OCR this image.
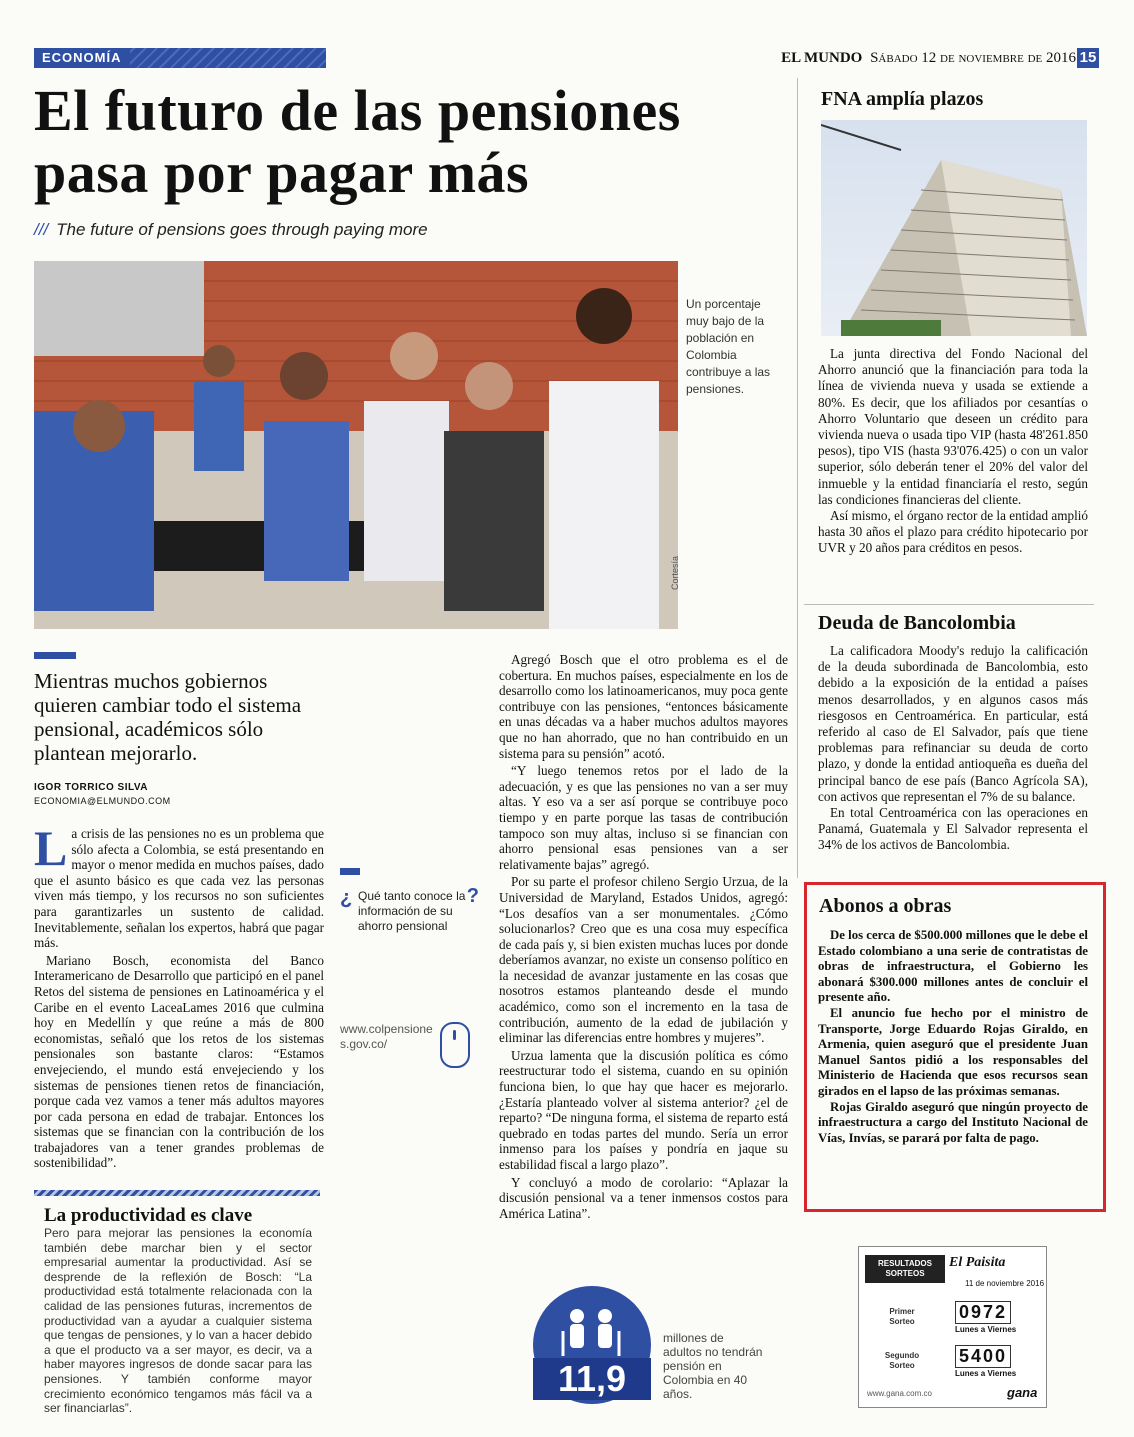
ECONOMÍA	EL MUNDO Sábado 12 de noviembre de 2016 15
El futuro de las pensiones pasa por pagar más
/// The future of pensions goes through paying more
Un porcentaje muy bajo de la población en Colombia contribuye a las pensiones.
Cortesía
Mientras muchos gobiernos quieren cambiar todo el sistema pensional, académicos sólo plantean mejorarlo.
IGOR TORRICO SILVA
ECONOMIA@ELMUNDO.COM

La crisis de las pensiones no es un problema que sólo afecta a Colombia, se está presentando en mayor o menor medida en muchos países, dado que el asunto básico es que cada vez las personas viven más tiempo, y los recursos no son suficientes para garantizarles un sustento de calidad. Inevitablemente, señalan los expertos, habrá que pagar más.

Mariano Bosch, economista del Banco Interamericano de Desarrollo que participó en el panel Retos del sistema de pensiones en Latinoamérica y el Caribe en el evento LaceaLames 2016 que culmina hoy en Medellín y que reúne a más de 800 economistas, señaló que los retos de los sistemas pensionales son bastante claros: “Estamos envejeciendo, el mundo está envejeciendo y los sistemas de pensiones tienen retos de financiación, porque cada vez vamos a tener más adultos mayores por cada persona en edad de trabajar. Entonces los sistemas que se financian con la contribución de los trabajadores van a tener grandes problemas de sostenibilidad”.

La productividad es clave
Pero para mejorar las pensiones la economía también debe marchar bien y el sector empresarial aumentar la productividad. Así se desprende de la reflexión de Bosch: “La productividad está totalmente relacionada con la calidad de las pensiones futuras, incrementos de productividad van a ayudar a cualquier sistema que tengas de pensiones, y lo van a hacer debido a que el producto va a ser mayor, es decir, va a haber mayores ingresos de donde sacar para las pensiones. Y también conforme mayor crecimiento económico tengamos más fácil va a ser financiarlas”.
¿ Qué tanto conoce la información de su ahorro pensional
?
www.colpensiones.gov.co/

Agregó Bosch que el otro problema es el de cobertura. En muchos países, especialmente en los de desarrollo como los latinoamericanos, muy poca gente contribuye con las pensiones, “entonces básicamente en unas décadas va a haber muchos adultos mayores que no han ahorrado, que no han contribuido en un sistema para su pensión” acotó.

“Y luego tenemos retos por el lado de la adecuación, y es que las pensiones no van a ser muy altas. Y eso va a ser así porque se contribuye poco tiempo y en parte porque las tasas de contribución tampoco son muy altas, incluso si se financian con ahorro pensional esas pensiones van a ser relativamente bajas” agregó.

Por su parte el profesor chileno Sergio Urzua, de la Universidad de Maryland, Estados Unidos, agregó: “Los desafíos van a ser monumentales. ¿Cómo solucionarlos? Creo que es una cosa muy específica de cada país y, si bien existen muchas luces por donde deberíamos avanzar, no existe un consenso político en la necesidad de avanzar justamente en las cosas que nosotros estamos planteando desde el mundo académico, como son el incremento en la tasa de contribución, aumento de la edad de jubilación y eliminar las diferencias entre hombres y mujeres”.

Urzua lamenta que la discusión política es cómo reestructurar todo el sistema, cuando en su opinión funciona bien, lo que hay que hacer es mejorarlo. ¿Estaría planteado volver al sistema anterior? ¿el de reparto? “De ninguna forma, el sistema de reparto está quebrado en todas partes del mundo. Sería un error inmenso para los países y pondría en jaque su estabilidad fiscal a largo plazo”.

Y concluyó a modo de corolario: “Aplazar la discusión pensional va a tener inmensos costos para América Latina”.

11,9
millones de adultos no tendrán pensión en Colombia en 40 años.
FNA amplía plazos

La junta directiva del Fondo Nacional del Ahorro anunció que la financiación para toda la línea de vivienda nueva y usada se extiende a 80%. Es decir, que los afiliados por cesantías o Ahorro Voluntario que deseen un crédito para vivienda nueva o usada tipo VIP (hasta 48'261.850 pesos), tipo VIS (hasta 93'076.425) o con un valor superior, sólo deberán tener el 20% del valor del inmueble y la entidad financiaría el resto, según las condiciones financieras del cliente.

Así mismo, el órgano rector de la entidad amplió hasta 30 años el plazo para crédito hipotecario por UVR y 20 años para créditos en pesos.

Deuda de Bancolombia

La calificadora Moody's redujo la calificación de la deuda subordinada de Bancolombia, esto debido a la exposición de la entidad a países menos desarrollados, y en algunos casos más riesgosos en Centroamérica. En particular, está referido al caso de El Salvador, país que tiene problemas para refinanciar su deuda de corto plazo, y donde la entidad antioqueña es dueña del principal banco de ese país (Banco Agrícola SA), con activos que representan el 7% de su balance.

En total Centroamérica con las operaciones en Panamá, Guatemala y El Salvador representa el 34% de los activos de Bancolombia.

Abonos a obras

De los cerca de $500.000 millones que le debe el Estado colombiano a una serie de contratistas de obras de infraestructura, el Gobierno les abonará $300.000 millones antes de concluir el presente año.

El anuncio fue hecho por el ministro de Transporte, Jorge Eduardo Rojas Giraldo, en Armenia, quien aseguró que el presidente Juan Manuel Santos pidió a los responsables del Ministerio de Hacienda que esos recursos sean girados en el lapso de las próximas semanas.

Rojas Giraldo aseguró que ningún proyecto de infraestructura a cargo del Instituto Nacional de Vías, Invías, se parará por falta de pago.

RESULTADOS SORTEOS
El Paisita
11 de noviembre 2016
Primer Sorteo	0972
Lunes a Viernes
Segundo Sorteo	5400
Lunes a Viernes
www.gana.com.co	gana
